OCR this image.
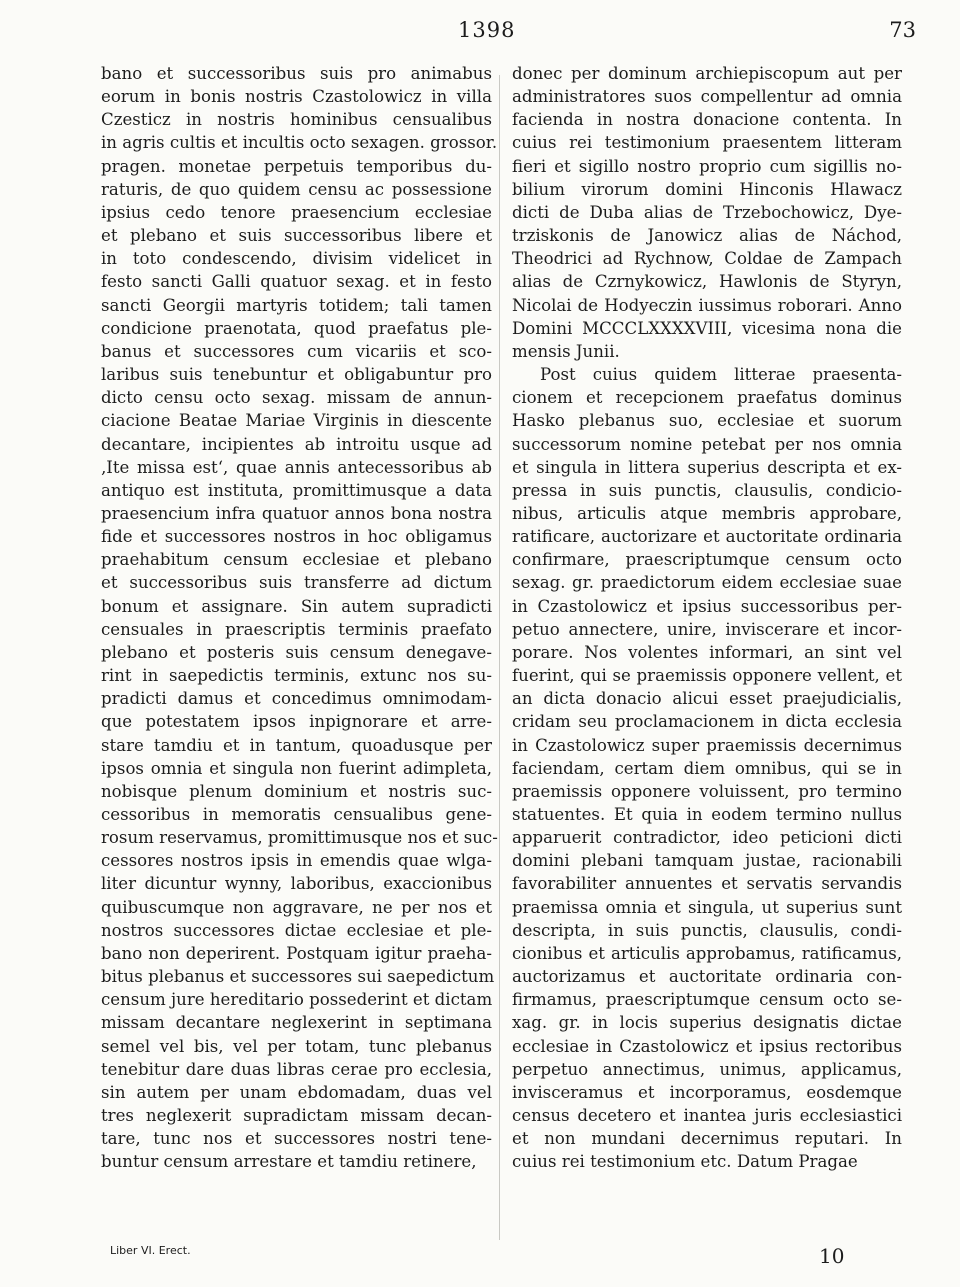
1398	73
bano et successoribus suis pro animabus
eorum in bonis nostris Czastolowicz in villa
Czesticz in nostris hominibus censualibus
in agris cultis et incultis octo sexagen. grossor.
pragen. monetae perpetuis temporibus du-
raturis, de quo quidem censu ac possessione
ipsius cedo tenore praesencium ecclesiae
et plebano et suis successoribus libere et
in toto condescendo, divisim videlicet in
festo sancti Galli quatuor sexag. et in festo
sancti Georgii martyris totidem; tali tamen
condicione praenotata, quod praefatus ple-
banus et successores cum vicariis et sco-
laribus suis tenebuntur et obligabuntur pro
dicto censu octo sexag. missam de annun-
ciacione Beatae Mariae Virginis in diescente
decantare, incipientes ab introitu usque ad
‚Ite missa est‘, quae annis antecessoribus ab
antiquo est instituta, promittimusque a data
praesencium infra quatuor annos bona nostra
fide et successores nostros in hoc obligamus
praehabitum censum ecclesiae et plebano
et successoribus suis transferre ad dictum
bonum et assignare. Sin autem supradicti
censuales in praescriptis terminis praefato
plebano et posteris suis censum denegave-
rint in saepedictis terminis, extunc nos su-
pradicti damus et concedimus omnimodam-
que potestatem ipsos inpignorare et arre-
stare tamdiu et in tantum, quoadusque per
ipsos omnia et singula non fuerint adimpleta,
nobisque plenum dominium et nostris suc-
cessoribus in memoratis censualibus gene-
rosum reservamus, promittimusque nos et suc-
cessores nostros ipsis in emendis quae wlga-
liter dicuntur wynny, laboribus, exaccionibus
quibuscumque non aggravare, ne per nos et
nostros successores dictae ecclesiae et ple-
bano non deperirent. Postquam igitur praeha-
bitus plebanus et successores sui saepedictum
censum jure hereditario possederint et dictam
missam decantare neglexerint in septimana
semel vel bis, vel per totam, tunc plebanus
tenebitur dare duas libras cerae pro ecclesia,
sin autem per unam ebdomadam, duas vel
tres neglexerit supradictam missam decan-
tare, tunc nos et successores nostri tene-
buntur censum arrestare et tamdiu retinere,
donec per dominum archiepiscopum aut per
administratores suos compellentur ad omnia
facienda in nostra donacione contenta. In
cuius rei testimonium praesentem litteram
fieri et sigillo nostro proprio cum sigillis no-
bilium virorum domini Hinconis Hlawacz
dicti de Duba alias de Trzebochowicz, Dye-
trziskonis de Janowicz alias de Náchod,
Theodrici ad Rychnow, Coldae de Zampach
alias de Czrnykowicz, Hawlonis de Styryn,
Nicolai de Hodyeczin iussimus roborari. Anno
Domini MCCCLXXXXVIII, vicesima nona die
mensis Junii.
Post cuius quidem litterae praesenta-
cionem et recepcionem praefatus dominus
Hasko plebanus suo, ecclesiae et suorum
successorum nomine petebat per nos omnia
et singula in littera superius descripta et ex-
pressa in suis punctis, clausulis, condicio-
nibus, articulis atque membris approbare,
ratificare, auctorizare et auctoritate ordinaria
confirmare, praescriptumque censum octo
sexag. gr. praedictorum eidem ecclesiae suae
in Czastolowicz et ipsius successoribus per-
petuo annectere, unire, inviscerare et incor-
porare. Nos volentes informari, an sint vel
fuerint, qui se praemissis opponere vellent, et
an dicta donacio alicui esset praejudicialis,
cridam seu proclamacionem in dicta ecclesia
in Czastolowicz super praemissis decernimus
faciendam, certam diem omnibus, qui se in
praemissis opponere voluissent, pro termino
statuentes. Et quia in eodem termino nullus
apparuerit contradictor, ideo peticioni dicti
domini plebani tamquam justae, racionabili
favorabiliter annuentes et servatis servandis
praemissa omnia et singula, ut superius sunt
descripta, in suis punctis, clausulis, condi-
cionibus et articulis approbamus, ratificamus,
auctorizamus et auctoritate ordinaria con-
firmamus, praescriptumque censum octo se-
xag. gr. in locis superius designatis dictae
ecclesiae in Czastolowicz et ipsius rectoribus
perpetuo annectimus, unimus, applicamus,
invisceramus et incorporamus, eosdemque
census decetero et inantea juris ecclesiastici
et non mundani decernimus reputari. In
cuius rei testimonium etc. Datum Pragae
Liber VI. Erect.	10
